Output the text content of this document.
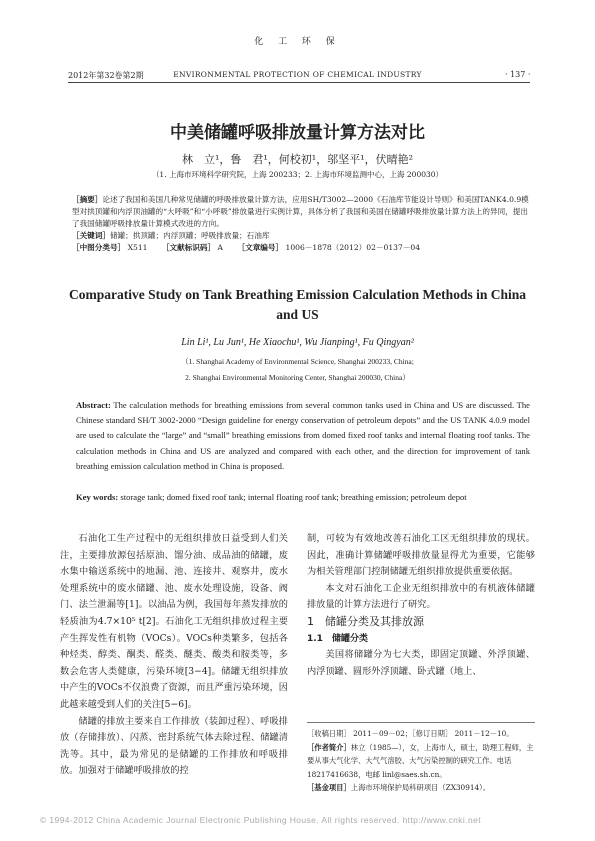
化 工 环 保
2012年第32卷第2期	ENVIRONMENTAL PROTECTION OF CHEMICAL INDUSTRY	· 137 ·
中美储罐呼吸排放量计算方法对比
林　立¹，鲁　君¹，何校初¹，邬坚平¹，伏晴艳²
（1. 上海市环境科学研究院，上海 200233；2. 上海市环境监测中心，上海 200030）

［摘要］论述了我国和美国几种常见储罐的呼吸排放量计算方法，应用SH/T3002—2000《石油库节能设计导则》和美国TANK4.0.9模型对拱顶罐和内浮顶油罐的“大呼吸”和“小呼吸”排放量进行实例计算，具体分析了我国和美国在储罐呼吸排放量计算方法上的异同，提出了我国储罐呼吸排放量计算模式改进的方向。

［关键词］储罐；拱顶罐；内浮顶罐；呼吸排放量；石油库

［中图分类号］ X511 ［文献标识码］ A ［文章编号］ 1006－1878（2012）02－0137－04

Comparative Study on Tank Breathing Emission Calculation Methods in China and US
Lin Li¹, Lu Jun¹, He Xiaochu¹, Wu Jianping¹, Fu Qingyan²
（1. Shanghai Academy of Environmental Science, Shanghai 200233, China;
2. Shanghai Environmental Monitoring Center, Shanghai 200030, China）
Abstract: The calculation methods for breathing emissions from several common tanks used in China and US are discussed. The Chinese standard SH/T 3002-2000 “Design guideline for energy conservation of petroleum depots” and the US TANK 4.0.9 model are used to calculate the “large” and “small” breathing emissions from domed fixed roof tanks and internal floating roof tanks. The calculation methods in China and US are analyzed and compared with each other, and the direction for improvement of tank breathing emission calculation method in China is proposed.
Key words: storage tank; domed fixed roof tank; internal floating roof tank; breathing emission; petroleum depot

石油化工生产过程中的无组织排放日益受到人们关注，主要排放源包括原油、馏分油、成品油的储罐，废水集中输送系统中的地漏、池、连接井、观察井，废水处理系统中的废水储罐、池、废水处理设施，设备、阀门、法兰泄漏等[1]。以油品为例，我国每年蒸发排放的轻质油为4.7×10⁵ t[2]。石油化工无组织排放过程主要产生挥发性有机物（VOCs）。VOCs种类繁多，包括各种烃类、醇类、酮类、醛类、醚类、酸类和胺类等，多数会危害人类健康，污染环境[3−4]。储罐无组织排放中产生的VOCs不仅浪费了资源，而且严重污染环境，因此越来越受到人们的关注[5−6]。

储罐的排放主要来自工作排放（装卸过程）、呼吸排放（存储排放）、闪蒸、密封系统气体去除过程、储罐清洗等。其中，最为常见的是储罐的工作排放和呼吸排放。加强对于储罐呼吸排放的控

制，可较为有效地改善石油化工区无组织排放的现状。因此，准确计算储罐呼吸排放量显得尤为重要，它能够为相关管理部门控制储罐无组织排放提供重要依据。

本文对石油化工企业无组织排放中的有机液体储罐排放量的计算方法进行了研究。

1　储罐分类及其排放源

1.1　储罐分类

美国将储罐分为七大类，即固定顶罐、外浮顶罐、内浮顶罐、圆形外浮顶罐、卧式罐（地上、

［收稿日期］ 2011－09－02；［修订日期］ 2011－12－10。

［作者简介］林立（1985—），女，上海市人，硕士，助理工程师，主要从事大气化学、大气气溶胶、大气污染控制的研究工作。电话 18217416638，电邮 linl@saes.sh.cn。

［基金项目］上海市环境保护局科研项目（ZX30914）。

© 1994-2012 China Academic Journal Electronic Publishing House. All rights reserved. http://www.cnki.net
